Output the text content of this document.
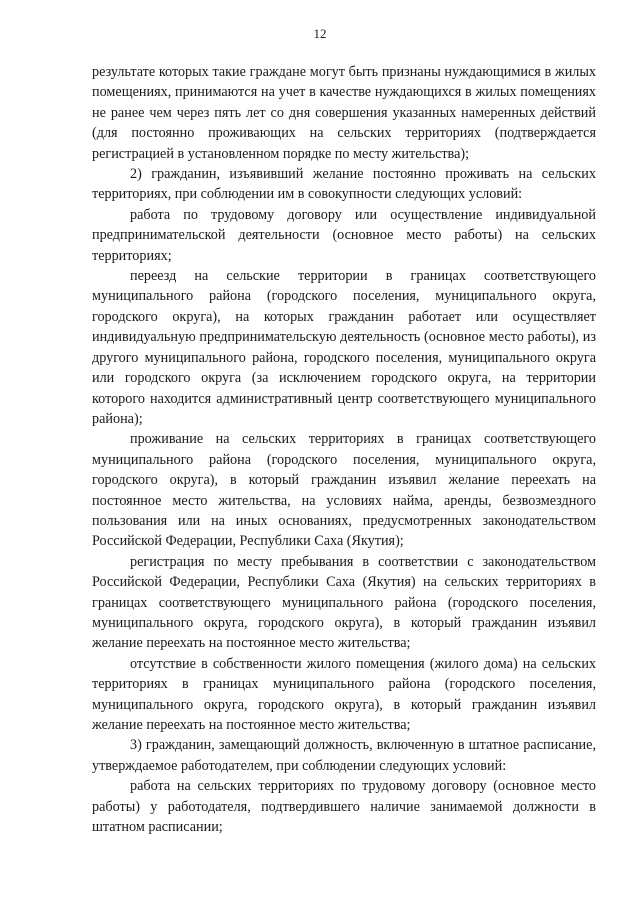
12

результате которых такие граждане могут быть признаны нуждающимися в жилых помещениях, принимаются на учет в качестве нуждающихся в жилых помещениях не ранее чем через пять лет со дня совершения указанных намеренных действий (для постоянно проживающих на сельских территориях (подтверждается регистрацией в установленном порядке по месту жительства);

2) гражданин, изъявивший желание постоянно проживать на сельских территориях, при соблюдении им в совокупности следующих условий:

работа по трудовому договору или осуществление индивидуальной предпринимательской деятельности (основное место работы) на сельских территориях;

переезд на сельские территории в границах соответствующего муниципального района (городского поселения, муниципального округа, городского округа), на которых гражданин работает или осуществляет индивидуальную предпринимательскую деятельность (основное место работы), из другого муниципального района, городского поселения, муниципального округа или городского округа (за исключением городского округа, на территории которого находится административный центр соответствующего муниципального района);

проживание на сельских территориях в границах соответствующего муниципального района (городского поселения, муниципального округа, городского округа), в который гражданин изъявил желание переехать на постоянное место жительства, на условиях найма, аренды, безвозмездного пользования или на иных основаниях, предусмотренных законодательством Российской Федерации, Республики Саха (Якутия);

регистрация по месту пребывания в соответствии с законодательством Российской Федерации, Республики Саха (Якутия) на сельских территориях в границах соответствующего муниципального района (городского поселения, муниципального округа, городского округа), в который гражданин изъявил желание переехать на постоянное место жительства;

отсутствие в собственности жилого помещения (жилого дома) на сельских территориях в границах муниципального района (городского поселения, муниципального округа, городского округа), в который гражданин изъявил желание переехать на постоянное место жительства;

3) гражданин, замещающий должность, включенную в штатное расписание, утверждаемое работодателем, при соблюдении следующих условий:

работа на сельских территориях по трудовому договору (основное место работы) у работодателя, подтвердившего наличие занимаемой должности в штатном расписании;
